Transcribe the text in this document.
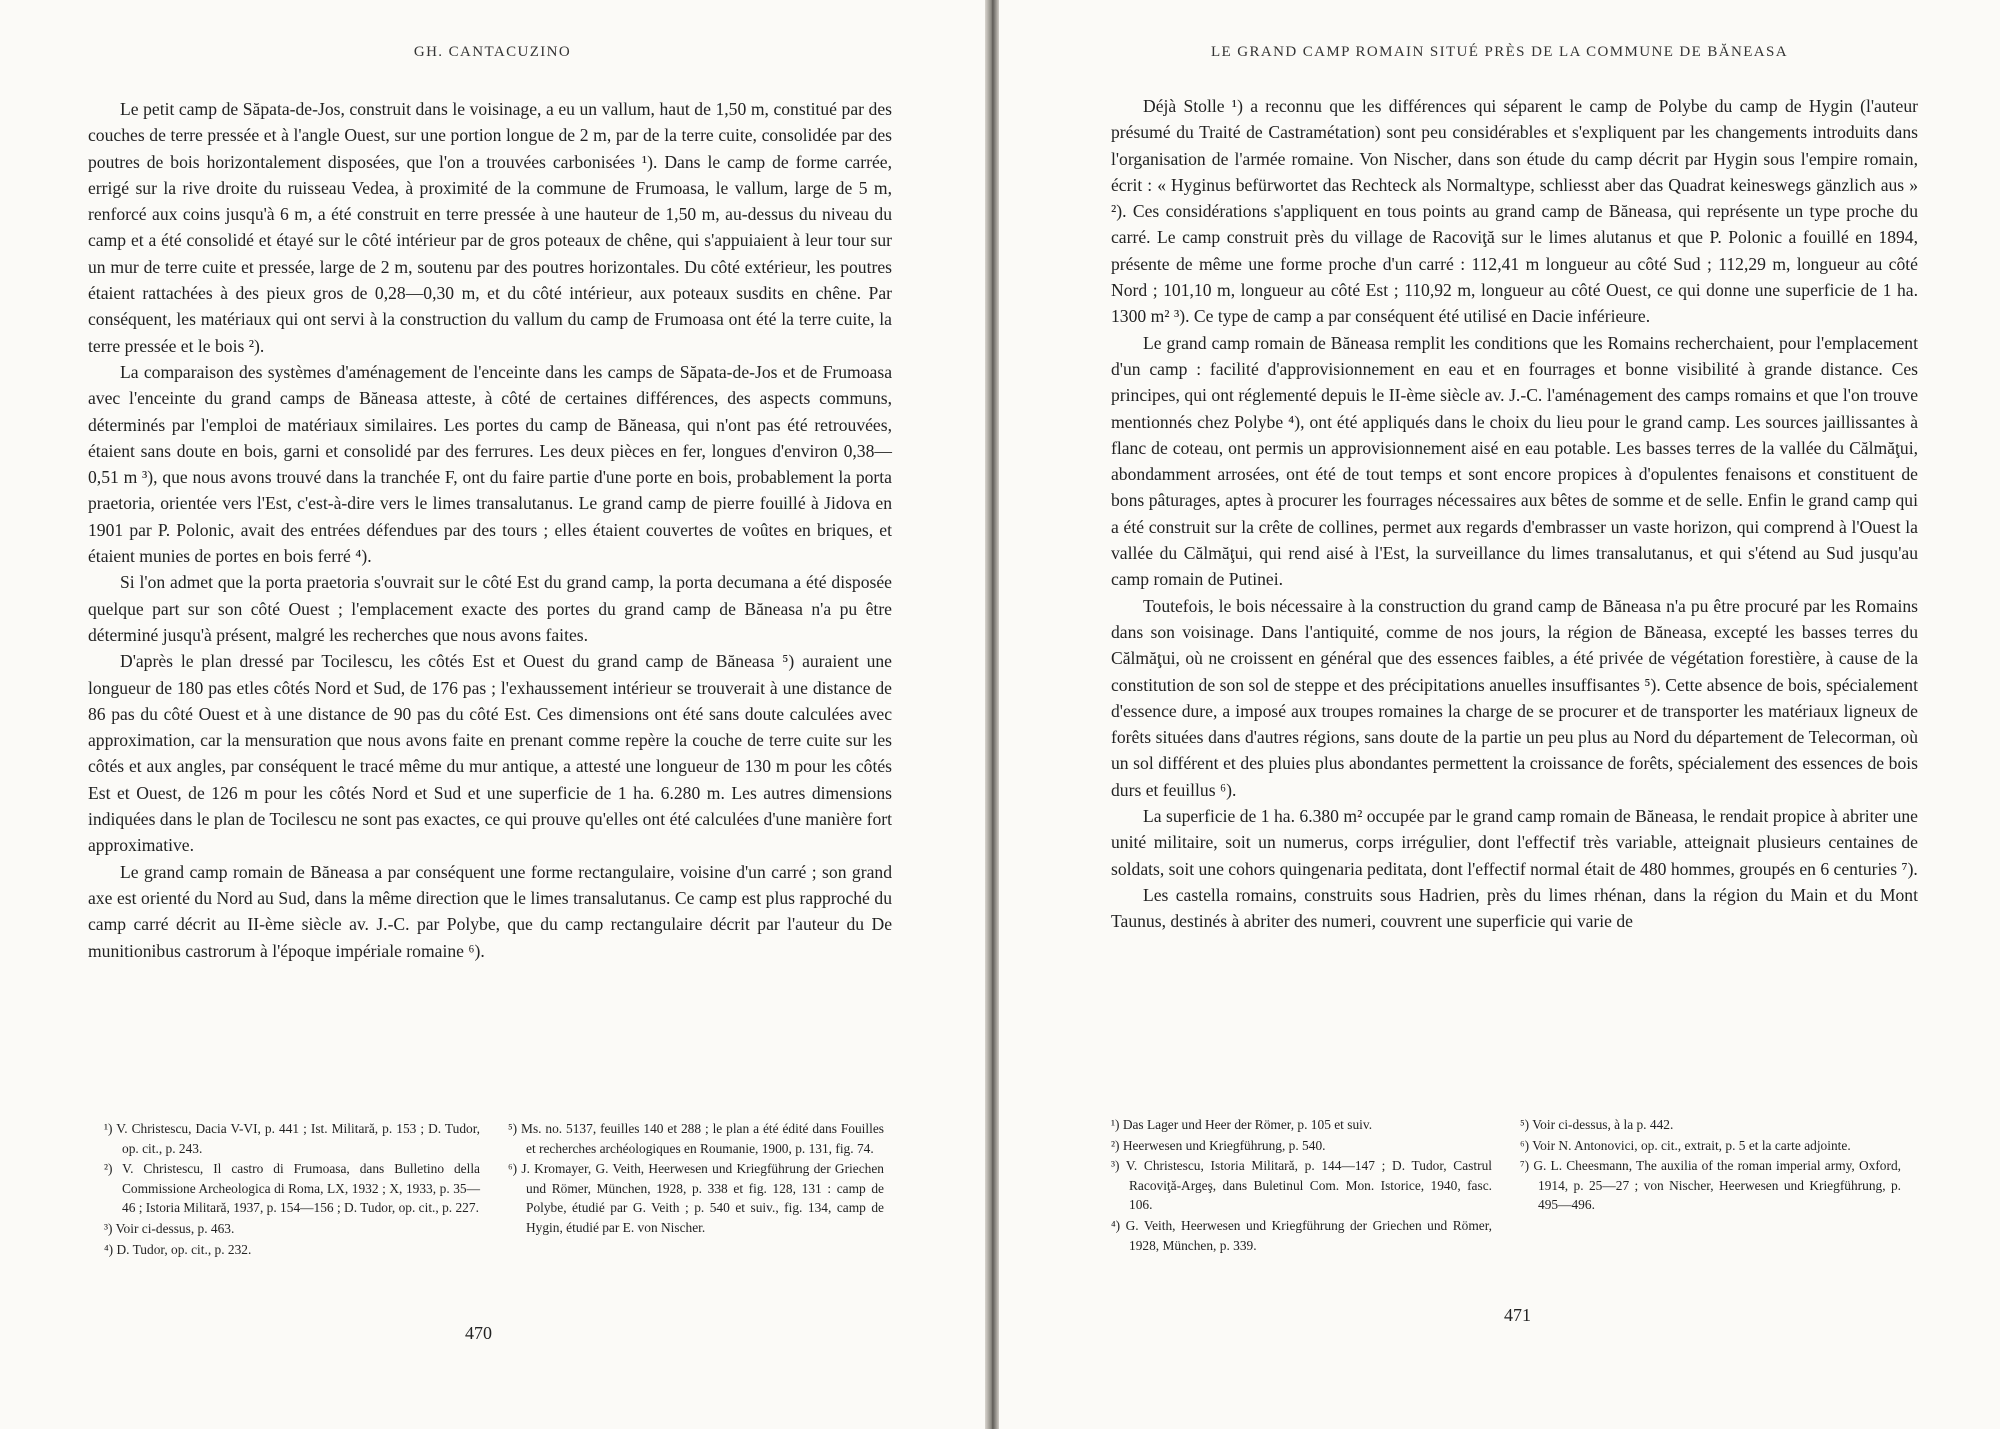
GH. CANTACUZINO

Le petit camp de Săpata-de-Jos, construit dans le voisinage, a eu un vallum, haut de 1,50 m, constitué par des couches de terre pressée et à l'angle Ouest, sur une portion longue de 2 m, par de la terre cuite, consolidée par des poutres de bois horizontalement disposées, que l'on a trouvées carbonisées ¹). Dans le camp de forme carrée, errigé sur la rive droite du ruisseau Vedea, à proximité de la commune de Frumoasa, le vallum, large de 5 m, renforcé aux coins jusqu'à 6 m, a été construit en terre pressée à une hauteur de 1,50 m, au-dessus du niveau du camp et a été consolidé et étayé sur le côté intérieur par de gros poteaux de chêne, qui s'appuiaient à leur tour sur un mur de terre cuite et pressée, large de 2 m, soutenu par des poutres horizontales. Du côté extérieur, les poutres étaient rattachées à des pieux gros de 0,28—0,30 m, et du côté intérieur, aux poteaux susdits en chêne. Par conséquent, les matériaux qui ont servi à la construction du vallum du camp de Frumoasa ont été la terre cuite, la terre pressée et le bois ²).

La comparaison des systèmes d'aménagement de l'enceinte dans les camps de Săpata-de-Jos et de Frumoasa avec l'enceinte du grand camps de Băneasa atteste, à côté de certaines différences, des aspects communs, déterminés par l'emploi de matériaux similaires. Les portes du camp de Băneasa, qui n'ont pas été retrouvées, étaient sans doute en bois, garni et consolidé par des ferrures. Les deux pièces en fer, longues d'environ 0,38—0,51 m ³), que nous avons trouvé dans la tranchée F, ont du faire partie d'une porte en bois, probablement la porta praetoria, orientée vers l'Est, c'est-à-dire vers le limes transalutanus. Le grand camp de pierre fouillé à Jidova en 1901 par P. Polonic, avait des entrées défendues par des tours ; elles étaient couvertes de voûtes en briques, et étaient munies de portes en bois ferré ⁴).

Si l'on admet que la porta praetoria s'ouvrait sur le côté Est du grand camp, la porta decumana a été disposée quelque part sur son côté Ouest ; l'emplacement exacte des portes du grand camp de Băneasa n'a pu être déterminé jusqu'à présent, malgré les recherches que nous avons faites.

D'après le plan dressé par Tocilescu, les côtés Est et Ouest du grand camp de Băneasa ⁵) auraient une longueur de 180 pas etles côtés Nord et Sud, de 176 pas ; l'exhaussement intérieur se trouverait à une distance de 86 pas du côté Ouest et à une distance de 90 pas du côté Est. Ces dimensions ont été sans doute calculées avec approximation, car la mensuration que nous avons faite en prenant comme repère la couche de terre cuite sur les côtés et aux angles, par conséquent le tracé même du mur antique, a attesté une longueur de 130 m pour les côtés Est et Ouest, de 126 m pour les côtés Nord et Sud et une superficie de 1 ha. 6.280 m. Les autres dimensions indiquées dans le plan de Tocilescu ne sont pas exactes, ce qui prouve qu'elles ont été calculées d'une manière fort approximative.

Le grand camp romain de Băneasa a par conséquent une forme rectangulaire, voisine d'un carré ; son grand axe est orienté du Nord au Sud, dans la même direction que le limes transalutanus. Ce camp est plus rapproché du camp carré décrit au II-ème siècle av. J.-C. par Polybe, que du camp rectangulaire décrit par l'auteur du De munitionibus castrorum à l'époque impériale romaine ⁶).

¹) V. Christescu, Dacia V-VI, p. 441 ; Ist. Militară, p. 153 ; D. Tudor, op. cit., p. 243.

²) V. Christescu, Il castro di Frumoasa, dans Bulletino della Commissione Archeologica di Roma, LX, 1932 ; X, 1933, p. 35—46 ; Istoria Militară, 1937, p. 154—156 ; D. Tudor, op. cit., p. 227.

³) Voir ci-dessus, p. 463.

⁴) D. Tudor, op. cit., p. 232.

⁵) Ms. no. 5137, feuilles 140 et 288 ; le plan a été édité dans Fouilles et recherches archéologiques en Roumanie, 1900, p. 131, fig. 74.

⁶) J. Kromayer, G. Veith, Heerwesen und Kriegführung der Griechen und Römer, München, 1928, p. 338 et fig. 128, 131 : camp de Polybe, étudié par G. Veith ; p. 540 et suiv., fig. 134, camp de Hygin, étudié par E. von Nischer.

470
LE GRAND CAMP ROMAIN SITUÉ PRÈS DE LA COMMUNE DE BĂNEASA

Déjà Stolle ¹) a reconnu que les différences qui séparent le camp de Polybe du camp de Hygin (l'auteur présumé du Traité de Castramétation) sont peu considérables et s'expliquent par les changements introduits dans l'organisation de l'armée romaine. Von Nischer, dans son étude du camp décrit par Hygin sous l'empire romain, écrit : « Hyginus befürwortet das Rechteck als Normaltype, schliesst aber das Quadrat keineswegs gänzlich aus » ²). Ces considérations s'appliquent en tous points au grand camp de Băneasa, qui représente un type proche du carré. Le camp construit près du village de Racoviţă sur le limes alutanus et que P. Polonic a fouillé en 1894, présente de même une forme proche d'un carré : 112,41 m longueur au côté Sud ; 112,29 m, longueur au côté Nord ; 101,10 m, longueur au côté Est ; 110,92 m, longueur au côté Ouest, ce qui donne une superficie de 1 ha. 1300 m² ³). Ce type de camp a par conséquent été utilisé en Dacie inférieure.

Le grand camp romain de Băneasa remplit les conditions que les Romains recherchaient, pour l'emplacement d'un camp : facilité d'approvisionnement en eau et en fourrages et bonne visibilité à grande distance. Ces principes, qui ont réglementé depuis le II-ème siècle av. J.-C. l'aménagement des camps romains et que l'on trouve mentionnés chez Polybe ⁴), ont été appliqués dans le choix du lieu pour le grand camp. Les sources jaillissantes à flanc de coteau, ont permis un approvisionnement aisé en eau potable. Les basses terres de la vallée du Călmăţui, abondamment arrosées, ont été de tout temps et sont encore propices à d'opulentes fenaisons et constituent de bons pâturages, aptes à procurer les fourrages nécessaires aux bêtes de somme et de selle. Enfin le grand camp qui a été construit sur la crête de collines, permet aux regards d'embrasser un vaste horizon, qui comprend à l'Ouest la vallée du Călmăţui, qui rend aisé à l'Est, la surveillance du limes transalutanus, et qui s'étend au Sud jusqu'au camp romain de Putinei.

Toutefois, le bois nécessaire à la construction du grand camp de Băneasa n'a pu être procuré par les Romains dans son voisinage. Dans l'antiquité, comme de nos jours, la région de Băneasa, excepté les basses terres du Călmăţui, où ne croissent en général que des essences faibles, a été privée de végétation forestière, à cause de la constitution de son sol de steppe et des précipitations anuelles insuffisantes ⁵). Cette absence de bois, spécialement d'essence dure, a imposé aux troupes romaines la charge de se procurer et de transporter les matériaux ligneux de forêts situées dans d'autres régions, sans doute de la partie un peu plus au Nord du département de Telecorman, où un sol différent et des pluies plus abondantes permettent la croissance de forêts, spécialement des essences de bois durs et feuillus ⁶).

La superficie de 1 ha. 6.380 m² occupée par le grand camp romain de Băneasa, le rendait propice à abriter une unité militaire, soit un numerus, corps irrégulier, dont l'effectif très variable, atteignait plusieurs centaines de soldats, soit une cohors quingenaria peditata, dont l'effectif normal était de 480 hommes, groupés en 6 centuries ⁷).

Les castella romains, construits sous Hadrien, près du limes rhénan, dans la région du Main et du Mont Taunus, destinés à abriter des numeri, couvrent une superficie qui varie de

¹) Das Lager und Heer der Römer, p. 105 et suiv.

²) Heerwesen und Kriegführung, p. 540.

³) V. Christescu, Istoria Militară, p. 144—147 ; D. Tudor, Castrul Racoviţă-Argeş, dans Buletinul Com. Mon. Istorice, 1940, fasc. 106.

⁴) G. Veith, Heerwesen und Kriegführung der Griechen und Römer, 1928, München, p. 339.

⁵) Voir ci-dessus, à la p. 442.

⁶) Voir N. Antonovici, op. cit., extrait, p. 5 et la carte adjointe.

⁷) G. L. Cheesmann, The auxilia of the roman imperial army, Oxford, 1914, p. 25—27 ; von Nischer, Heerwesen und Kriegführung, p. 495—496.

471
